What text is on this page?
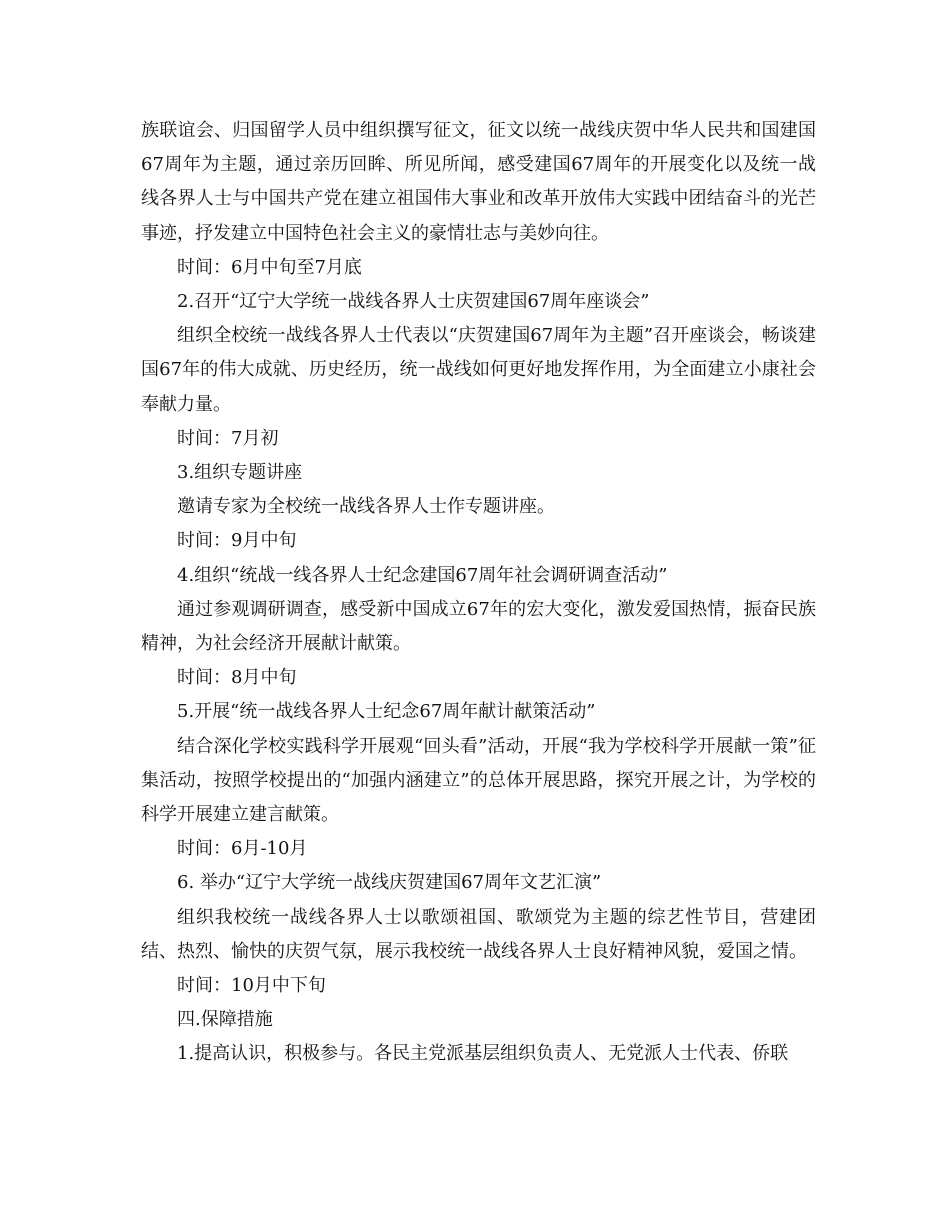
族联谊会、归国留学人员中组织撰写征文，征文以统一战线庆贺中华人民共和国建国67周年为主题，通过亲历回眸、所见所闻，感受建国67周年的开展变化以及统一战线各界人士与中国共产党在建立祖国伟大事业和改革开放伟大实践中团结奋斗的光芒事迹，抒发建立中国特色社会主义的豪情壮志与美妙向往。

时间：6月中旬至7月底

2.召开“辽宁大学统一战线各界人士庆贺建国67周年座谈会”

组织全校统一战线各界人士代表以“庆贺建国67周年为主题”召开座谈会，畅谈建国67年的伟大成就、历史经历，统一战线如何更好地发挥作用，为全面建立小康社会奉献力量。

时间：7月初

3.组织专题讲座

邀请专家为全校统一战线各界人士作专题讲座。

时间：9月中旬

4.组织“统战一线各界人士纪念建国67周年社会调研调查活动”

通过参观调研调查，感受新中国成立67年的宏大变化，激发爱国热情，振奋民族精神，为社会经济开展献计献策。

时间：8月中旬

5.开展“统一战线各界人士纪念67周年献计献策活动”

结合深化学校实践科学开展观“回头看”活动，开展“我为学校科学开展献一策”征集活动，按照学校提出的“加强内涵建立”的总体开展思路，探究开展之计，为学校的科学开展建立建言献策。

时间：6月-10月

6. 举办“辽宁大学统一战线庆贺建国67周年文艺汇演”

组织我校统一战线各界人士以歌颂祖国、歌颂党为主题的综艺性节目，营建团结、热烈、愉快的庆贺气氛，展示我校统一战线各界人士良好精神风貌，爱国之情。

时间：10月中下旬

四.保障措施

1.提高认识，积极参与。各民主党派基层组织负责人、无党派人士代表、侨联
